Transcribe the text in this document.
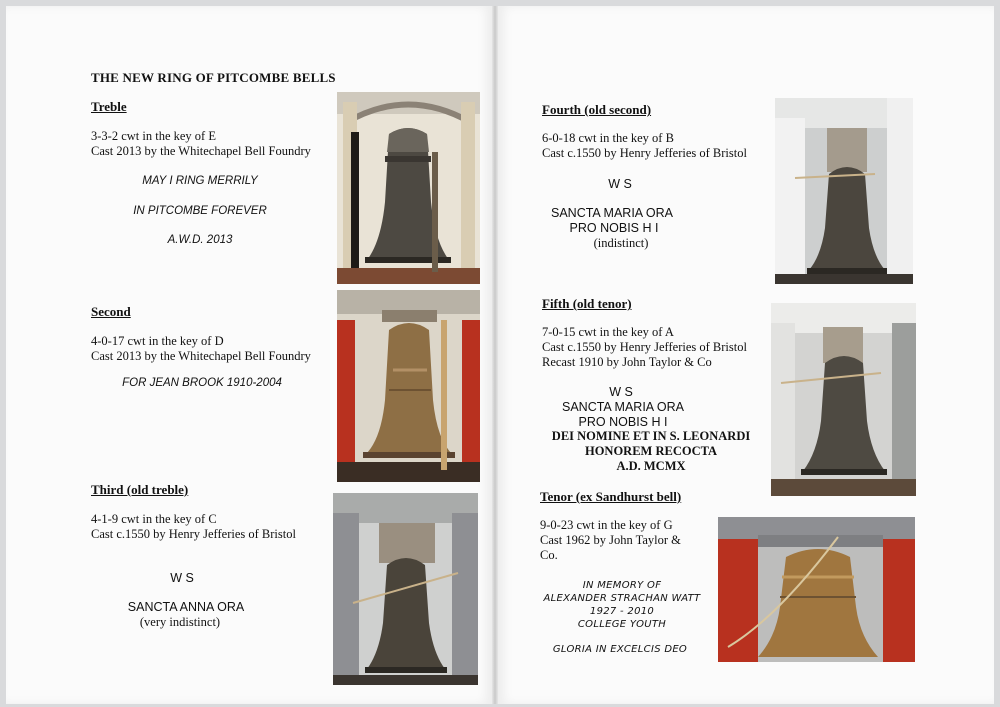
THE NEW RING OF PITCOMBE BELLS
Treble
3-3-2 cwt in the key of E
Cast 2013 by the Whitechapel Bell Foundry
MAY I RING MERRILY
IN PITCOMBE FOREVER
A.W.D. 2013
Second
4-0-17 cwt in the key of D
Cast 2013 by the Whitechapel Bell Foundry
FOR JEAN BROOK 1910-2004
Third (old treble)
4-1-9 cwt in the key of C
Cast c.1550 by Henry Jefferies of Bristol
W S
SANCTA ANNA ORA
(very indistinct)
Fourth (old second)
6-0-18 cwt in the key of B
Cast c.1550 by Henry Jefferies of Bristol
W S
SANCTA MARIA ORA
PRO NOBIS H I
(indistinct)
Fifth (old tenor)
7-0-15 cwt in the key of A
Cast c.1550 by Henry Jefferies of Bristol
Recast 1910 by John Taylor & Co
W S
SANCTA MARIA ORA
PRO NOBIS H I
DEI NOMINE ET IN S. LEONARDI
HONOREM RECOCTA
A.D. MCMX
Tenor (ex Sandhurst bell)
9-0-23 cwt in the key of G
Cast 1962 by John Taylor &
Co.
IN MEMORY OF
ALEXANDER STRACHAN WATT
1927 - 2010
COLLEGE YOUTH
GLORIA IN EXCELCIS DEO
